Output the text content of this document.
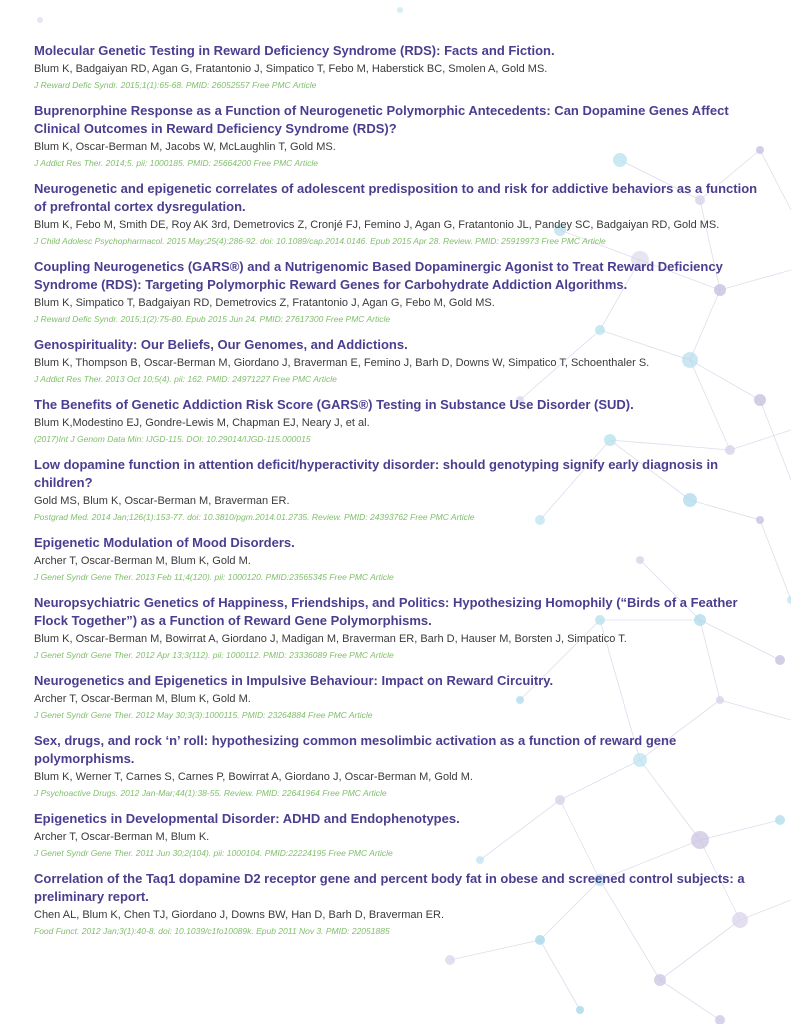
Molecular Genetic Testing in Reward Deficiency Syndrome (RDS): Facts and Fiction.
Blum K, Badgaiyan RD, Agan G, Fratantonio J, Simpatico T, Febo M, Haberstick BC, Smolen A, Gold MS.
J Reward Defic Syndr. 2015;1(1):65-68. PMID: 26052557 Free PMC Article
Buprenorphine Response as a Function of Neurogenetic Polymorphic Antecedents: Can Dopamine Genes Affect Clinical Outcomes in Reward Deficiency Syndrome (RDS)?
Blum K, Oscar-Berman M, Jacobs W, McLaughlin T, Gold MS.
J Addict Res Ther. 2014;5. pii: 1000185. PMID: 25664200 Free PMC Article
Neurogenetic and epigenetic correlates of adolescent predisposition to and risk for addictive behaviors as a function of prefrontal cortex dysregulation.
Blum K, Febo M, Smith DE, Roy AK 3rd, Demetrovics Z, Cronjé FJ, Femino J, Agan G, Fratantonio JL, Pandey SC, Badgaiyan RD, Gold MS.
J Child Adolesc Psychopharmacol. 2015 May;25(4):286-92. doi: 10.1089/cap.2014.0146. Epub 2015 Apr 28. Review. PMID: 25919973 Free PMC Article
Coupling Neurogenetics (GARS®) and a Nutrigenomic Based Dopaminergic Agonist to Treat Reward Deficiency Syndrome (RDS): Targeting Polymorphic Reward Genes for Carbohydrate Addiction Algorithms.
Blum K, Simpatico T, Badgaiyan RD, Demetrovics Z, Fratantonio J, Agan G, Febo M, Gold MS.
J Reward Defic Syndr. 2015;1(2):75-80. Epub 2015 Jun 24. PMID: 27617300 Free PMC Article
Genospirituality: Our Beliefs, Our Genomes, and Addictions.
Blum K, Thompson B, Oscar-Berman M, Giordano J, Braverman E, Femino J, Barh D, Downs W, Simpatico T, Schoenthaler S.
J Addict Res Ther. 2013 Oct 10;5(4). pii: 162. PMID: 24971227 Free PMC Article
The Benefits of Genetic Addiction Risk Score (GARS®) Testing in Substance Use Disorder (SUD).
Blum K,Modestino EJ, Gondre-Lewis M, Chapman EJ, Neary J, et al.
(2017)Int J Genom Data Min: IJGD-115. DOI: 10.29014/IJGD-115.000015
Low dopamine function in attention deficit/hyperactivity disorder: should genotyping signify early diagnosis in children?
Gold MS, Blum K, Oscar-Berman M, Braverman ER.
Postgrad Med. 2014 Jan;126(1):153-77. doi: 10.3810/pgm.2014.01.2735. Review. PMID: 24393762 Free PMC Article
Epigenetic Modulation of Mood Disorders.
Archer T, Oscar-Berman M, Blum K, Gold M.
J Genet Syndr Gene Ther. 2013 Feb 11;4(120). pii: 1000120. PMID:23565345 Free PMC Article
Neuropsychiatric Genetics of Happiness, Friendships, and Politics: Hypothesizing Homophily (“Birds of a Feather Flock Together”) as a Function of Reward Gene Polymorphisms.
Blum K, Oscar-Berman M, Bowirrat A, Giordano J, Madigan M, Braverman ER, Barh D, Hauser M, Borsten J, Simpatico T.
J Genet Syndr Gene Ther. 2012 Apr 13;3(112). pii: 1000112. PMID: 23336089 Free PMC Article
Neurogenetics and Epigenetics in Impulsive Behaviour: Impact on Reward Circuitry.
Archer T, Oscar-Berman M, Blum K, Gold M.
J Genet Syndr Gene Ther. 2012 May 30;3(3):1000115. PMID: 23264884 Free PMC Article
Sex, drugs, and rock ‘n’ roll: hypothesizing common mesolimbic activation as a function of reward gene polymorphisms.
Blum K, Werner T, Carnes S, Carnes P, Bowirrat A, Giordano J, Oscar-Berman M, Gold M.
J Psychoactive Drugs. 2012 Jan-Mar;44(1):38-55. Review. PMID: 22641964 Free PMC Article
Epigenetics in Developmental Disorder: ADHD and Endophenotypes.
Archer T, Oscar-Berman M, Blum K.
J Genet Syndr Gene Ther. 2011 Jun 30;2(104). pii: 1000104. PMID:22224195 Free PMC Article
Correlation of the Taq1 dopamine D2 receptor gene and percent body fat in obese and screened control subjects: a preliminary report.
Chen AL, Blum K, Chen TJ, Giordano J, Downs BW, Han D, Barh D, Braverman ER.
Food Funct. 2012 Jan;3(1):40-8. doi: 10.1039/c1fo10089k. Epub 2011 Nov 3. PMID: 22051885
